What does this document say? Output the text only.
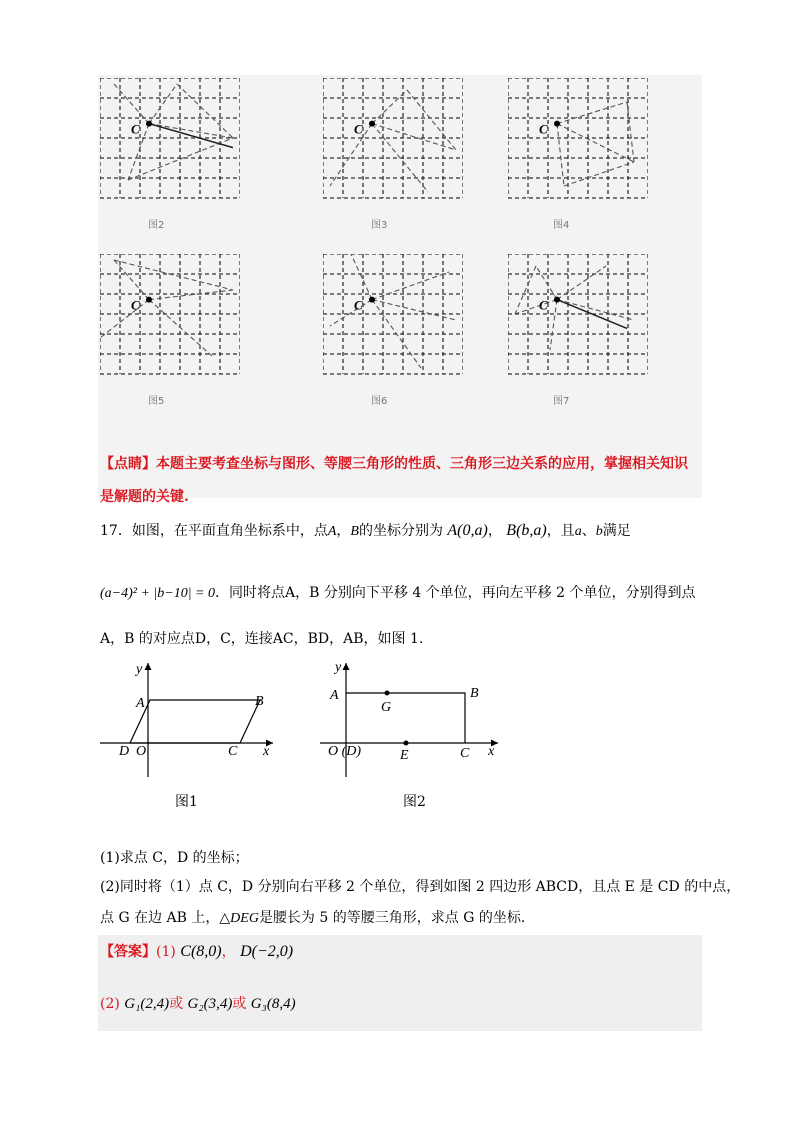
C
图2
C
图3
C
图4
C
图5
C
图6
C
图7
【点睛】本题主要考查坐标与图形、等腰三角形的性质、三角形三边关系的应用，掌握相关知识
是解题的关键.
17．如图，在平面直角坐标系中，点A，B的坐标分别为 A(0,a)， B(b,a)，且a、b满足
(a−4)² + |b−10| = 0．同时将点A，B 分别向下平移 4 个单位，再向左平移 2 个单位，分别得到点
A，B 的对应点D，C，连接AC，BD，AB，如图 1.
y
x
A	B
C
D O
图1
y
x
A	B
C
G
E
O (D)
图2
(1)求点 C，D 的坐标；
(2)同时将（1）点 C，D 分别向右平移 2 个单位，得到如图 2 四边形 ABCD，且点 E 是 CD 的中点，
点 G 在边 AB 上，△DEG是腰长为 5 的等腰三角形，求点 G 的坐标.
【答案】(1) C(8,0)， D(−2,0)
(2) G₁(2,4)或 G₂(3,4)或 G₃(8,4)
